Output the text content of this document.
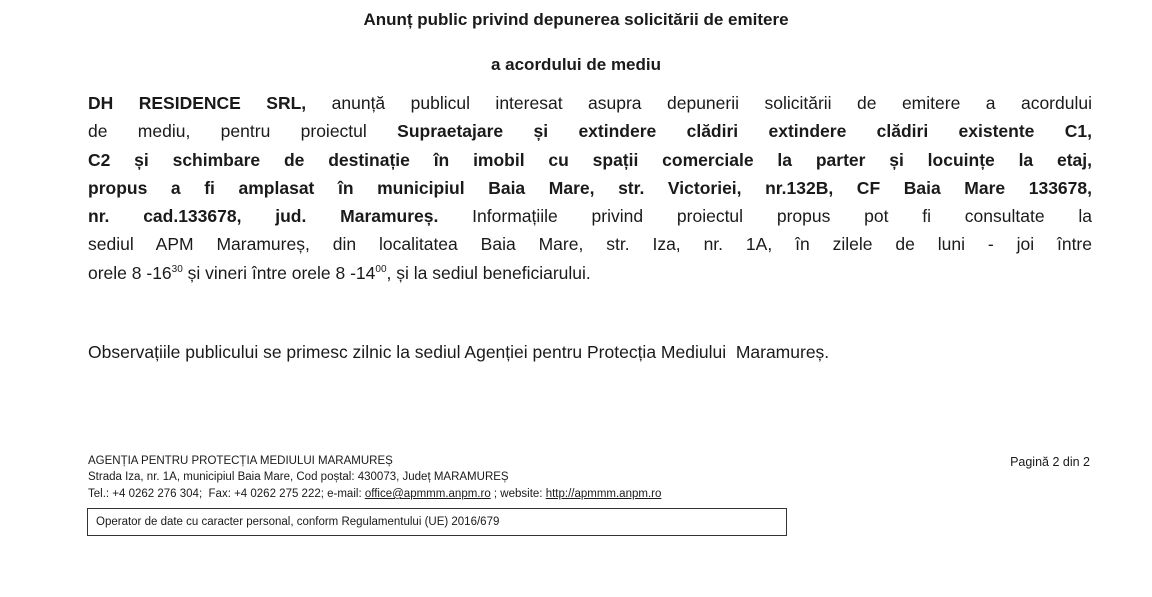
Anunț public privind depunerea solicitării de emitere
a acordului de mediu
DH RESIDENCE SRL, anunță publicul interesat asupra depunerii solicitării de emitere a acordului
de mediu, pentru proiectul Supraetajare și extindere clădiri extindere clădiri existente C1,
C2 și schimbare de destinație în imobil cu spații comerciale la parter și locuințe la etaj,
propus a fi amplasat în municipiul Baia Mare, str. Victoriei, nr.132B, CF Baia Mare 133678,
nr. cad.133678, jud. Maramureș. Informațiile privind proiectul propus pot fi consultate la
sediul APM Maramureș, din localitatea Baia Mare, str. Iza, nr. 1A, în zilele de luni - joi între
orele 8 $-16^{30}$ și vineri între orele 8 $-14^{00}$, și la sediul beneficiarului.
Observațiile publicului se primesc zilnic la sediul Agenției pentru Protecția Mediului  Maramureș.
AGENȚIA PENTRU PROTECȚIA MEDIULUI MARAMUREȘ
Strada Iza, nr. 1A, municipiul Baia Mare, Cod poștal: 430073, Județ MARAMUREȘ
Tel.: +4 0262 276 304;  Fax: +4 0262 275 222; e-mail: office@apmmm.anpm.ro ; website: http://apmmm.anpm.ro
Pagină 2 din 2
Operator de date cu caracter personal, conform Regulamentului (UE) 2016/679
